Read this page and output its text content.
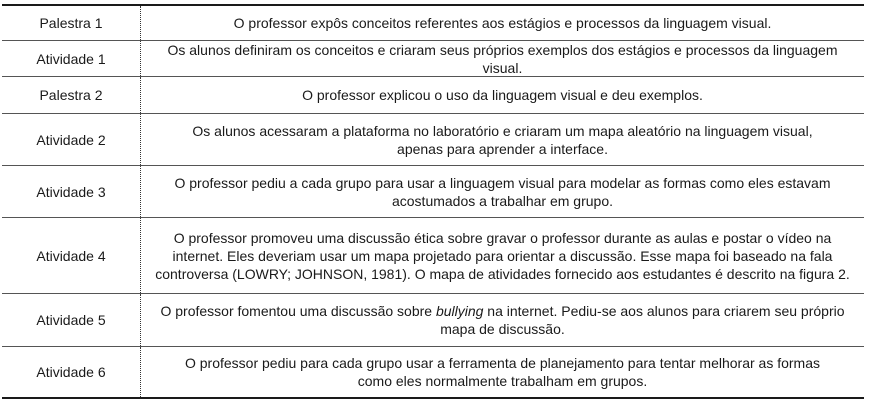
Palestra 1	O professor expôs conceitos referentes aos estágios e processos da linguagem visual.
Atividade 1
Os alunos definiram os conceitos e criaram seus próprios exemplos dos estágios e processos da linguagem visual.
Palestra 2	O professor explicou o uso da linguagem visual e deu exemplos.
Atividade 2
Os alunos acessaram a plataforma no laboratório e criaram um mapa aleatório na linguagem visual, apenas para aprender a interface.
Atividade 3
O professor pediu a cada grupo para usar a linguagem visual para modelar as formas como eles estavam acostumados a trabalhar em grupo.
Atividade 4
O professor promoveu uma discussão ética sobre gravar o professor durante as aulas e postar o vídeo na internet. Eles deveriam usar um mapa projetado para orientar a discussão. Esse mapa foi baseado na fala controversa (LOWRY; JOHNSON, 1981). O mapa de atividades fornecido aos estudantes é descrito na figura 2.
Atividade 5
O professor fomentou uma discussão sobre bullying na internet. Pediu-se aos alunos para criarem seu próprio mapa de discussão.
Atividade 6
O professor pediu para cada grupo usar a ferramenta de planejamento para tentar melhorar as formas como eles normalmente trabalham em grupos.
